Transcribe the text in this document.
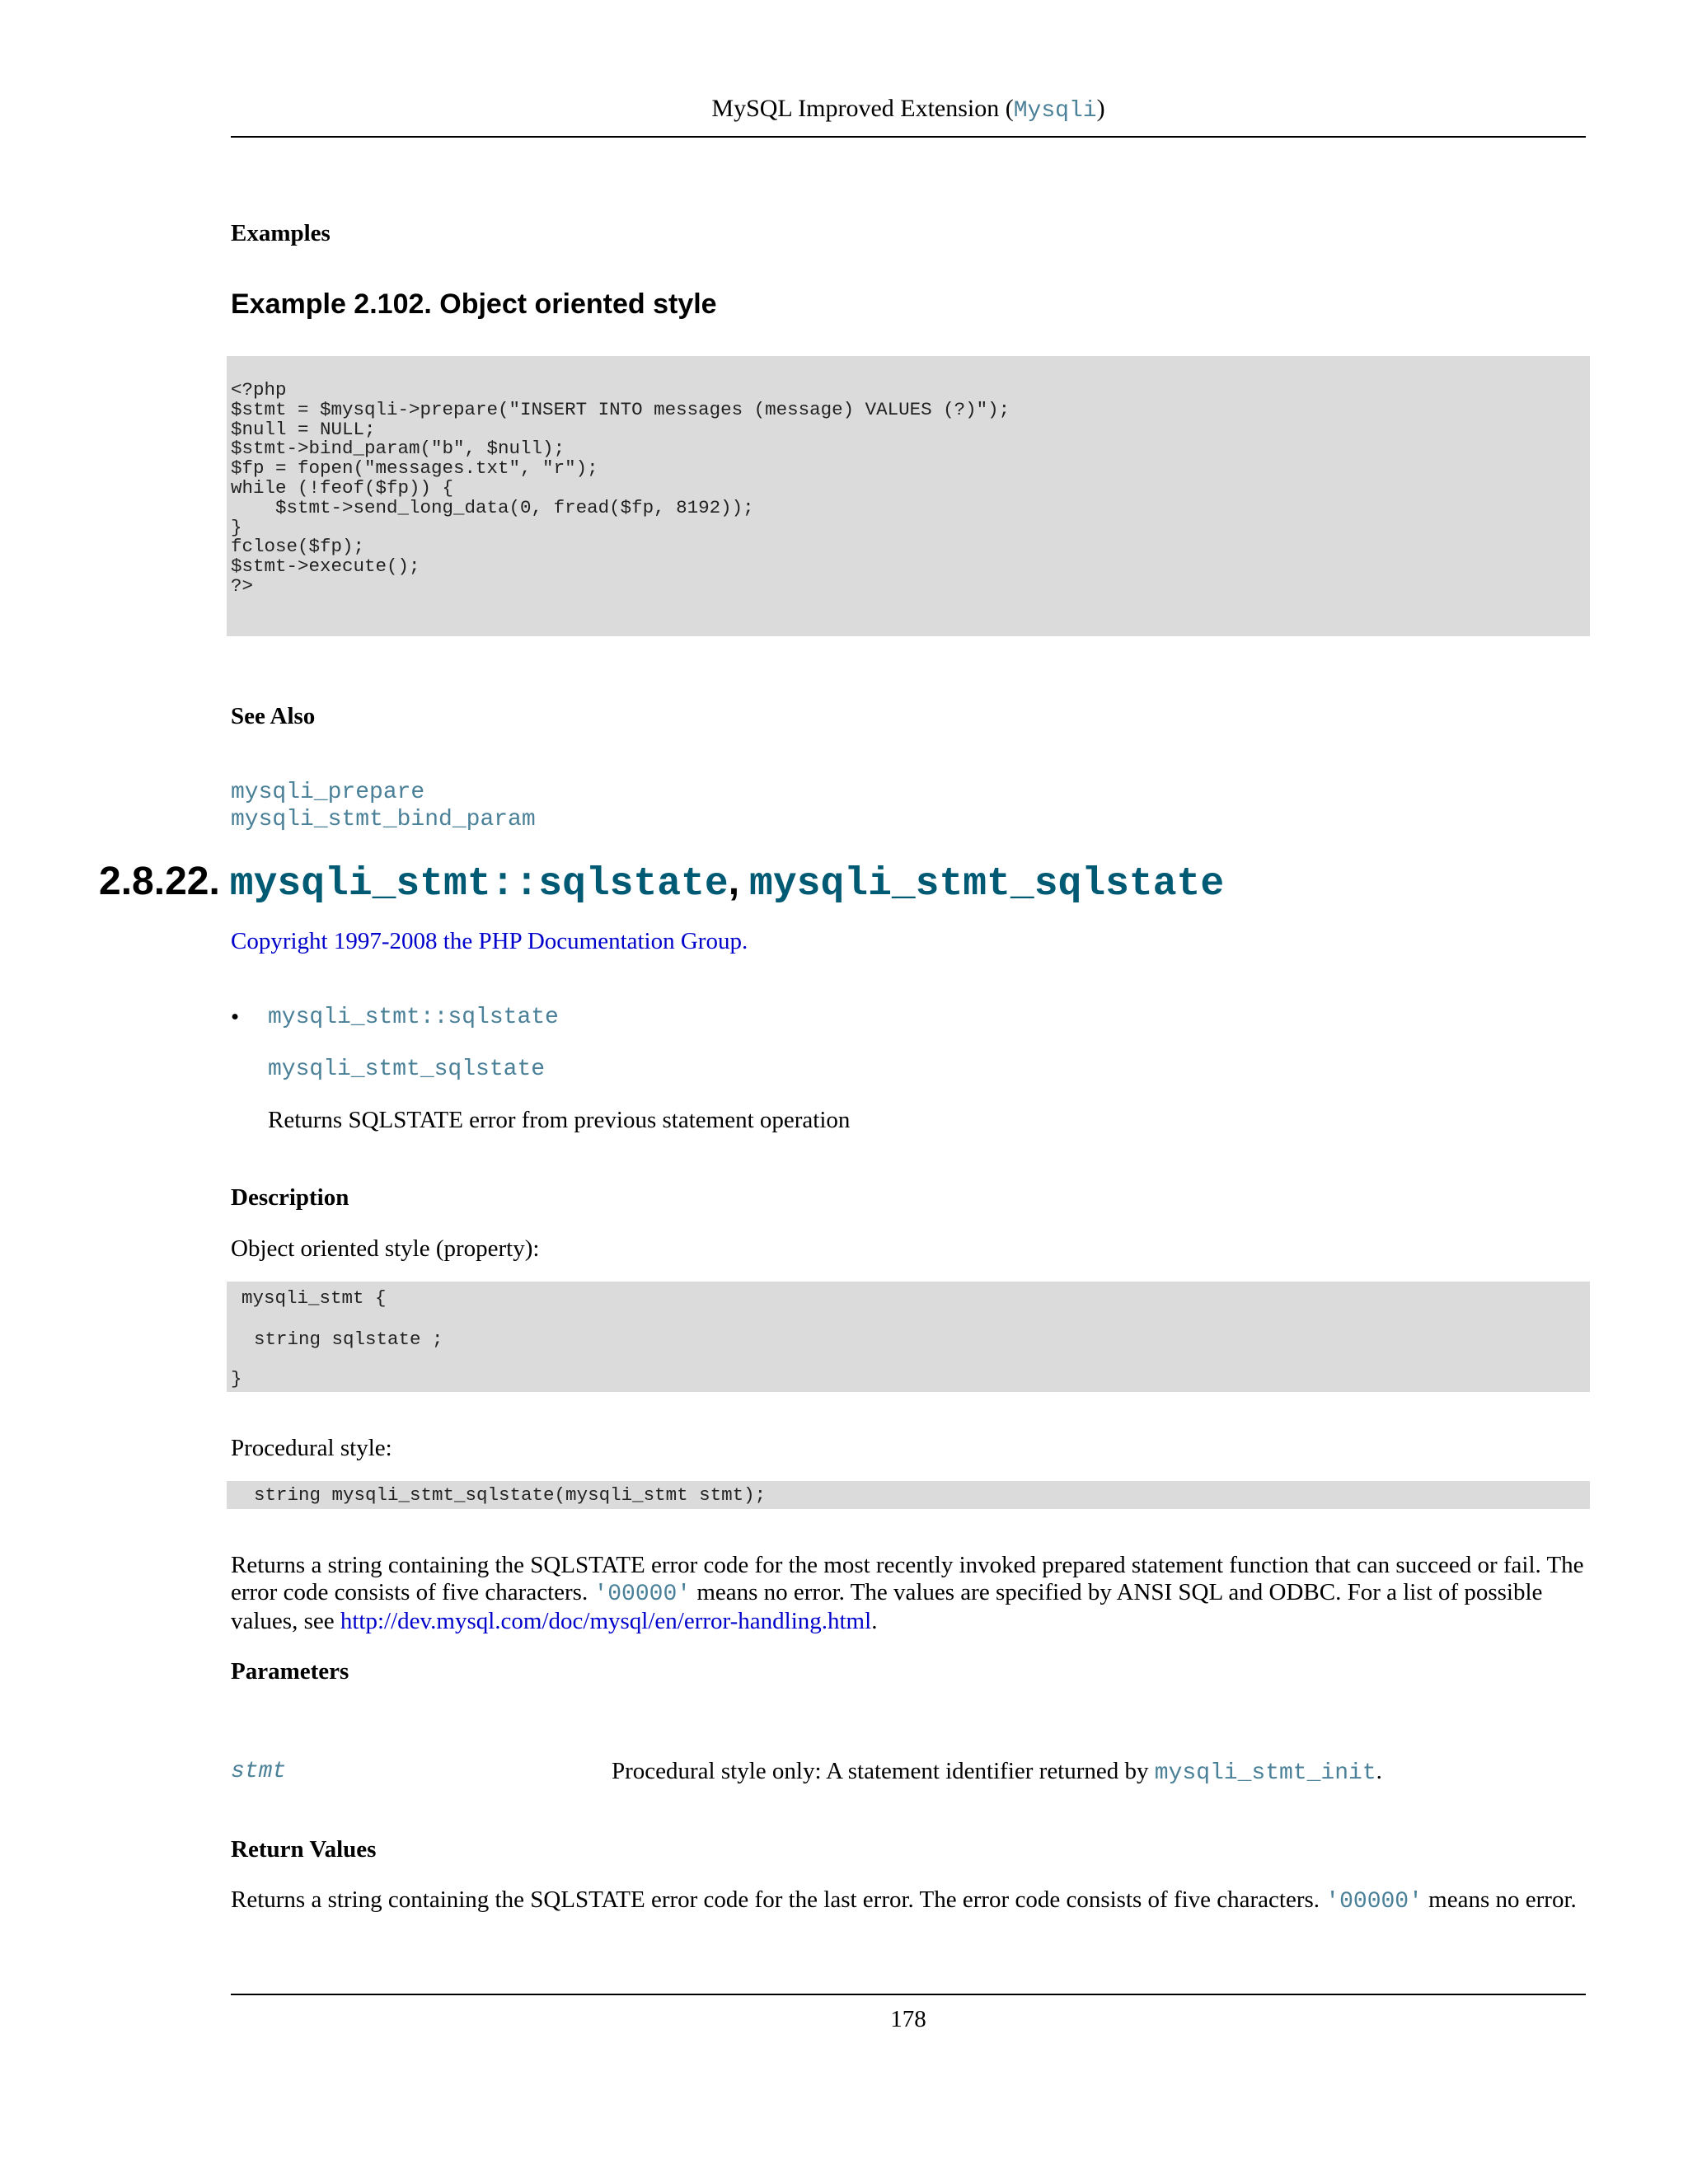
MySQL Improved Extension (Mysqli)
Examples
Example 2.102. Object oriented style
<?php
$stmt = $mysqli->prepare("INSERT INTO messages (message) VALUES (?)");
$null = NULL;
$stmt->bind_param("b", $null);
$fp = fopen("messages.txt", "r");
while (!feof($fp)) {
$stmt->send_long_data(0, fread($fp, 8192));
}
fclose($fp);
$stmt->execute();
?>
See Also
mysqli_prepare
mysqli_stmt_bind_param
2.8.22. mysqli_stmt::sqlstate, mysqli_stmt_sqlstate
Copyright 1997-2008 the PHP Documentation Group.
• mysqli_stmt::sqlstate
mysqli_stmt_sqlstate
Returns SQLSTATE error from previous statement operation
Description
Object oriented style (property):
mysqli_stmt {
string sqlstate ;
}
Procedural style:
string mysqli_stmt_sqlstate(mysqli_stmt stmt);
Returns a string containing the SQLSTATE error code for the most recently invoked prepared statement function that can succeed or fail. The error code consists of five characters. '00000' means no error. The values are specified by ANSI SQL and ODBC. For a list of possible values, see http://dev.mysql.com/doc/mysql/en/error-handling.html.
Parameters
stmt	Procedural style only: A statement identifier returned by mysqli_stmt_init.
Return Values
Returns a string containing the SQLSTATE error code for the last error. The error code consists of five characters. '00000' means no error.
178
